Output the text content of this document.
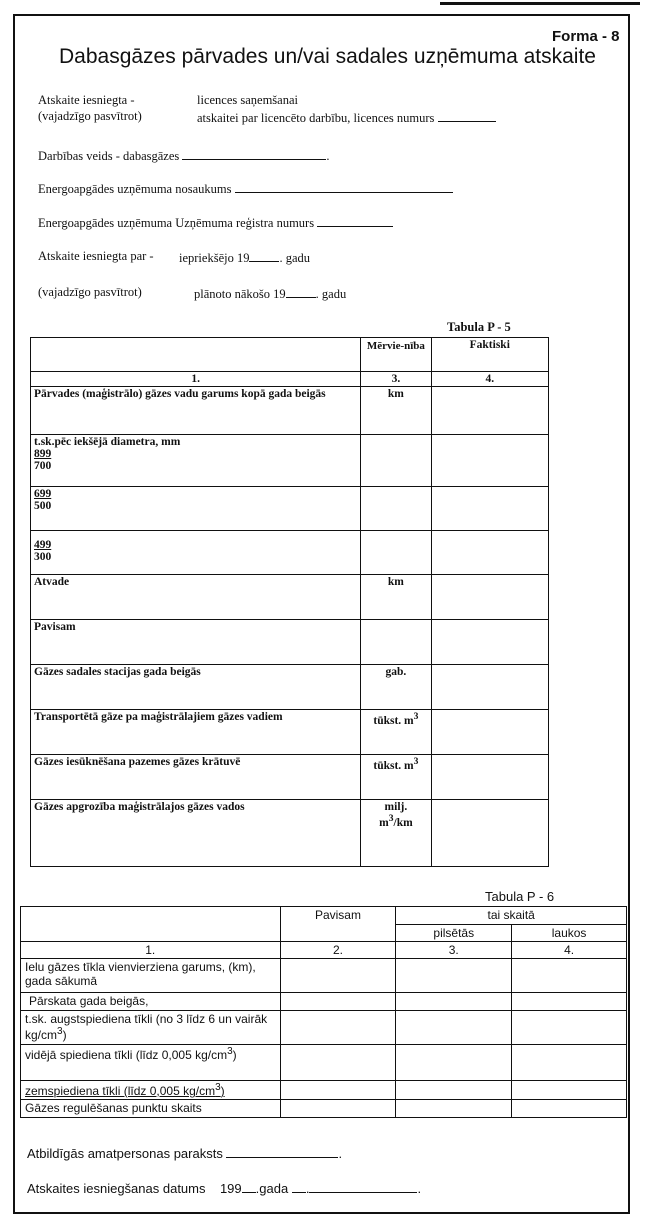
Forma - 8
Dabasgāzes pārvades un/vai sadales uzņēmuma atskaite
Atskaite iesniegta -
(vajadzīgo pasvītrot)
licences saņemšanai
atskaitei par licencēto darbību, licences numurs
Darbības veids - dabasgāzes	.
Energoapgādes uzņēmuma nosaukums
Energoapgādes uzņēmuma Uzņēmuma reģistra numurs
Atskaite iesniegta par - iepriekšējo 19 . gadu
(vajadzīgo pasvītrot)	plānoto nākošo 19 . gadu
Tabula P - 5
	Mērvie-nība	Faktiski
1.	3.	4.
Pārvades (maģistrālo) gāzes vadu garums kopā gada beigās	km	

t.sk.pēc iekšējā diametra, mm
899
700		

699
500		

499
300		

Atvade	km	
Pavisam		
Gāzes sadales stacijas gada beigās	gab.	
Transportētā gāze pa maģistrālajiem gāzes vadiem	tūkst. $m^3$	
Gāzes iesūknēšana pazemes gāzes krātuvē	tūkst. $m^3$	
Gāzes apgrozība maģistrālajos gāzes vados	milj.
$m^3/km$	

Tabula P - 6
	Pavisam	tai skaitā	
		pilsētās	laukos
1.	2.	3.	4.
Ielu gāzes tīkla vienvierziena garums, (km), gada sākumā			
Pārskata gada beigās,			
t.sk. augstspiediena tīkli (no 3 līdz 6 un vairāk $kg/cm^3$)			
vidējā spiediena tīkli (līdz 0,005 $kg/cm^3$)			
zemspiediena tīkli (līdz 0,005 $kg/cm^3$)			
Gāzes regulēšanas punktu skaits			
Atbildīgās amatpersonas paraksts	.
Atskaites iesniegšanas datums 199 .gada .	.
